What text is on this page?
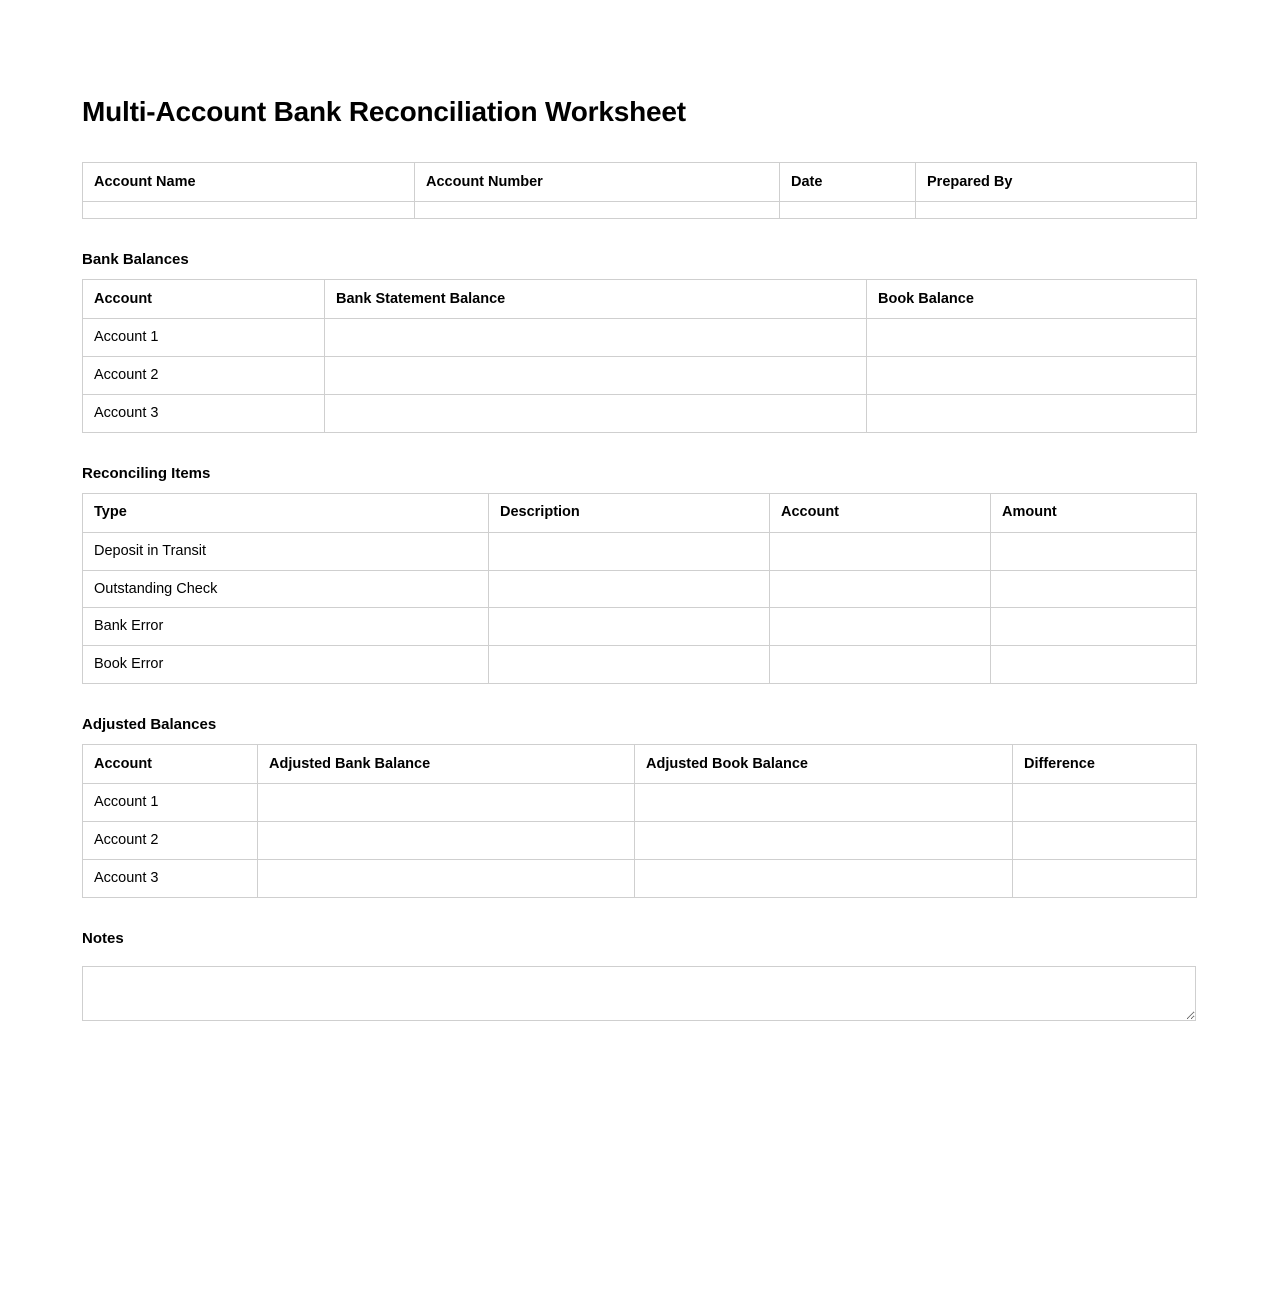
Multi-Account Bank Reconciliation Worksheet
Account Name	Account Number	Date	Prepared By

Bank Balances
Account	Bank Statement Balance	Book Balance
Account 1		
Account 2		
Account 3		
Reconciling Items
Type	Description	Account	Amount
Deposit in Transit			
Outstanding Check			
Bank Error			
Book Error			
Adjusted Balances
Account	Adjusted Bank Balance	Adjusted Book Balance	Difference
Account 1			
Account 2			
Account 3			
Notes
